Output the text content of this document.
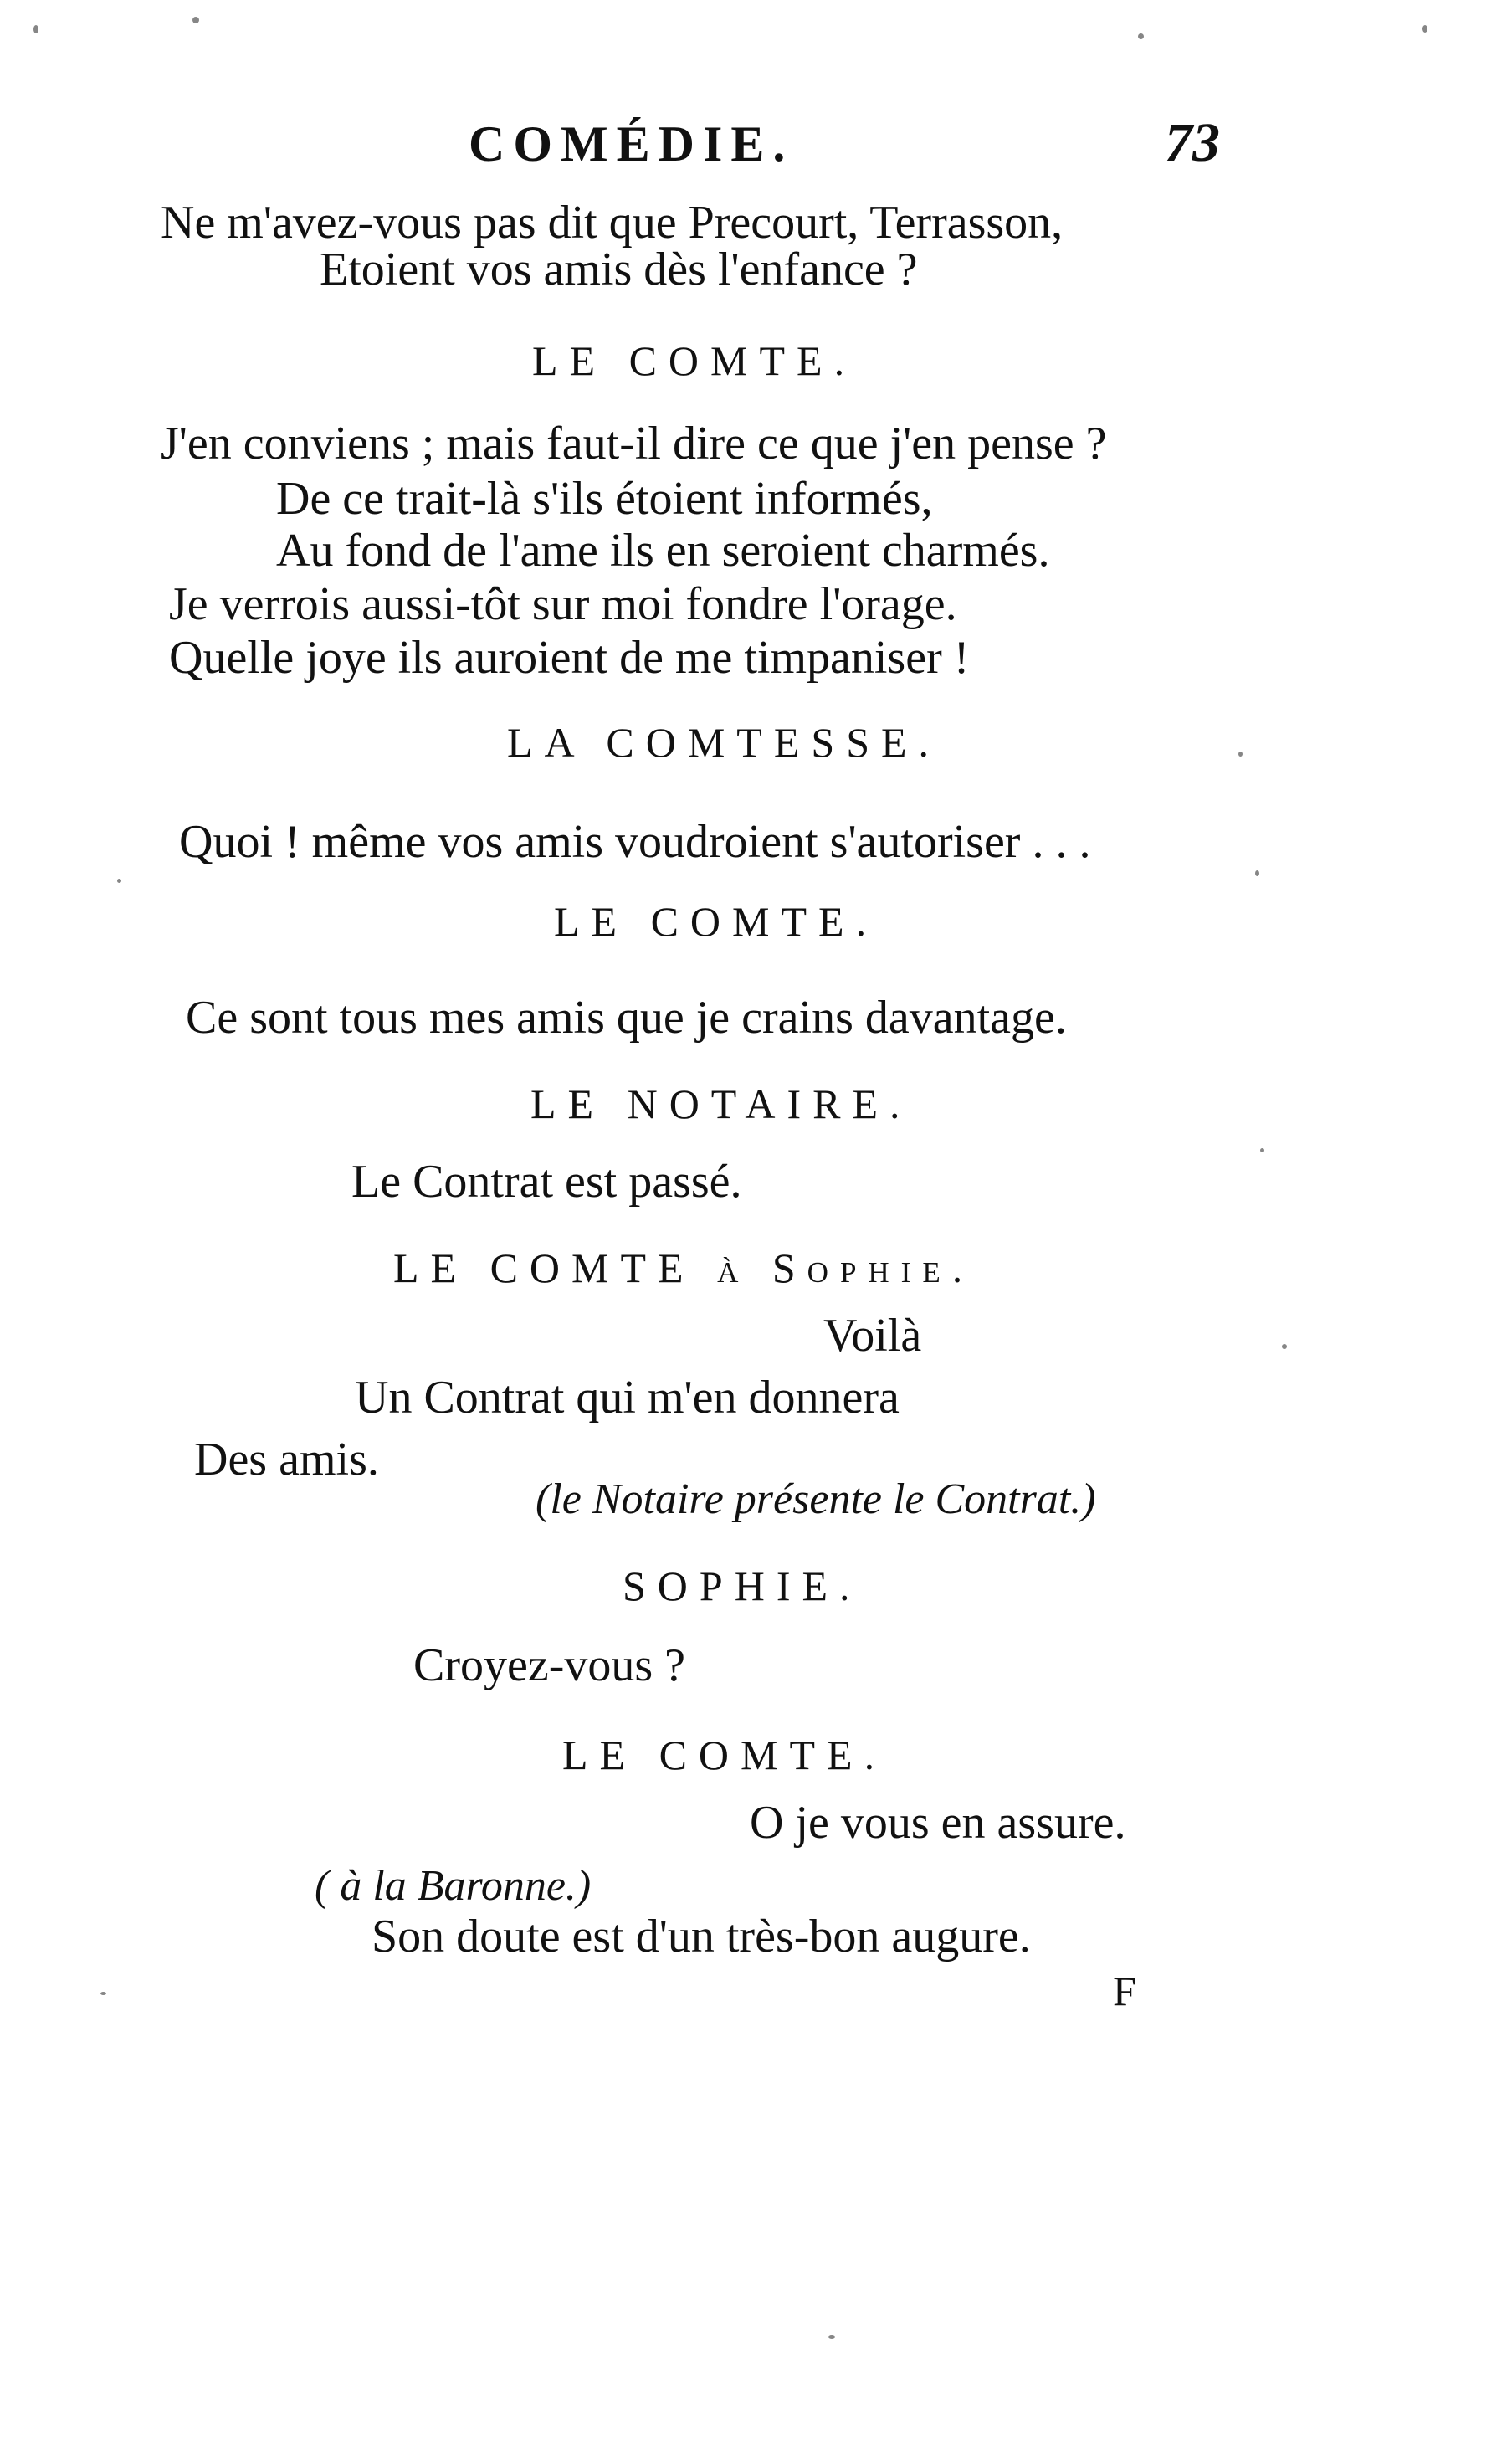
COMÉDIE.	73
Ne m'avez-vous pas dit que Precourt, Terrasson,
Etoient vos amis dès l'enfance ?
LE COMTE.
J'en conviens ; mais faut-il dire ce que j'en pense ?
De ce trait-là s'ils étoient informés,
Au fond de l'ame ils en seroient charmés.
Je verrois aussi-tôt sur moi fondre l'orage.
Quelle joye ils auroient de me timpaniser !
LA COMTESSE.
Quoi ! même vos amis voudroient s'autoriser . . .
LE COMTE.
Ce sont tous mes amis que je crains davantage.
LE NOTAIRE.
Le Contrat est passé.
LE COMTE à Sophie.
Voilà
Un Contrat qui m'en donnera
Des amis.
(le Notaire présente le Contrat.)
SOPHIE.
Croyez-vous ?
LE COMTE.
O je vous en assure.
( à la Baronne.)
Son doute est d'un très-bon augure.
F
